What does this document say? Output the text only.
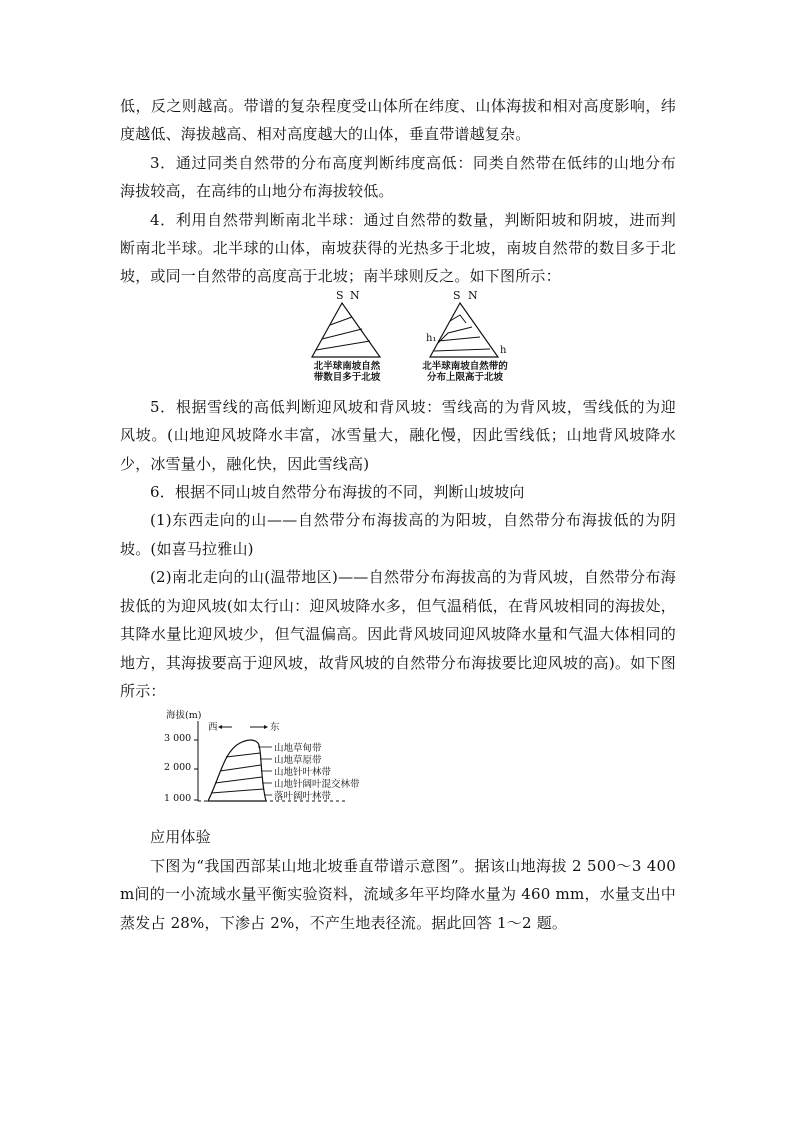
低，反之则越高。带谱的复杂程度受山体所在纬度、山体海拔和相对高度影响，纬度越低、海拔越高、相对高度越大的山体，垂直带谱越复杂。

3．通过同类自然带的分布高度判断纬度高低：同类自然带在低纬的山地分布海拔较高，在高纬的山地分布海拔较低。

4．利用自然带判断南北半球：通过自然带的数量，判断阳坡和阴坡，进而判断南北半球。北半球的山体，南坡获得的光热多于北坡，南坡自然带的数目多于北坡，或同一自然带的高度高于北坡；南半球则反之。如下图所示：

S N
北半球南坡自然
带数目多于北坡
S N
h₁
h
北半球南坡自然带的
分布上限高于北坡

5．根据雪线的高低判断迎风坡和背风坡：雪线高的为背风坡，雪线低的为迎风坡。(山地迎风坡降水丰富，冰雪量大，融化慢，因此雪线低；山地背风坡降水少，冰雪量小，融化快，因此雪线高)

6．根据不同山坡自然带分布海拔的不同，判断山坡坡向

(1)东西走向的山——自然带分布海拔高的为阳坡，自然带分布海拔低的为阴坡。(如喜马拉雅山)

(2)南北走向的山(温带地区)——自然带分布海拔高的为背风坡，自然带分布海拔低的为迎风坡(如太行山：迎风坡降水多，但气温稍低，在背风坡相同的海拔处，其降水量比迎风坡少，但气温偏高。因此背风坡同迎风坡降水量和气温大体相同的地方，其海拔要高于迎风坡，故背风坡的自然带分布海拔要比迎风坡的高)。如下图所示：

海拔(m)
西	东
3 000
2 000
1 000
山地草甸带
山地草原带
山地针叶林带
山地针阔叶混交林带
落叶阔叶林带

应用体验

下图为“我国西部某山地北坡垂直带谱示意图”。据该山地海拔 2 500～3 400 m间的一小流域水量平衡实验资料，流域多年平均降水量为 460 mm，水量支出中蒸发占 28%，下渗占 2%，不产生地表径流。据此回答 1～2 题。
